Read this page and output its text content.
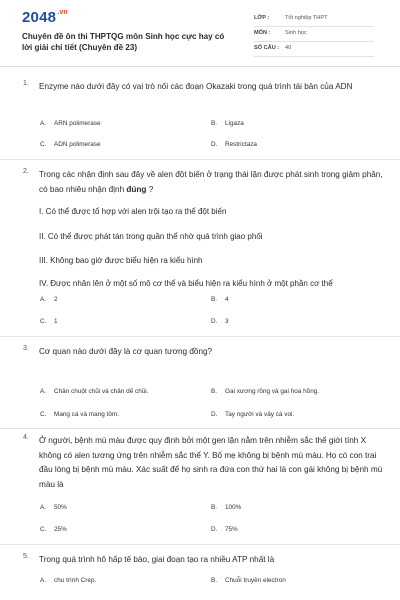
$2048^{.vn}$
Chuyên đề ôn thi THPTQG môn Sinh học cực hay có lời giải chi tiết (Chuyên đề 23)
LỚP :	Tốt nghiệp THPT
MÔN :	Sinh học
SỐ CÂU : 40
1. Enzyme nào dưới đây có vai trò nối các đoạn Okazaki trong quá trình tái bản của ADN
A. ARN polimerase	B. Ligaza
C. ADN polimerase	D. Restrictaza
2. Trong các nhận định sau đây về alen đột biến ở trạng thái lặn được phát sinh trong giảm phân, có bao nhiêu nhận định đúng ?
I. Có thể được tổ hợp với alen trội tạo ra thể đột biến
II. Có thể được phát tán trong quần thể nhờ quá trình giao phối
III. Không bao giờ được biểu hiện ra kiểu hình
IV. Được nhân lên ở một số mô cơ thể và biểu hiện ra kiểu hình ở một phần cơ thể
A. 2	B. 4
C. 1	D. 3
3. Cơ quan nào dưới đây là cơ quan tương đồng?
A. Chân chuột chũi và chân dế chũi.	B. Gai xương rồng và gai hoa hồng.
C. Mang cá và mang tôm.	D. Tay người và vây cá voi.
4. Ở người, bệnh mù màu được quy định bởi một gen lặn nằm trên nhiễm sắc thể giới tính X không có alen tương ứng trên nhiễm sắc thể Y. Bố mẹ không bị bệnh mù màu. Họ có con trai đầu lòng bị bệnh mù màu. Xác suất để họ sinh ra đứa con thứ hai là con gái không bị bệnh mù màu là
A. 50%	B. 100%
C. 25%	D. 75%
5. Trong quá trình hô hấp tế bào, giai đoạn tạo ra nhiều ATP nhất là
A. chu trình Crep.	B. Chuỗi truyền electron
